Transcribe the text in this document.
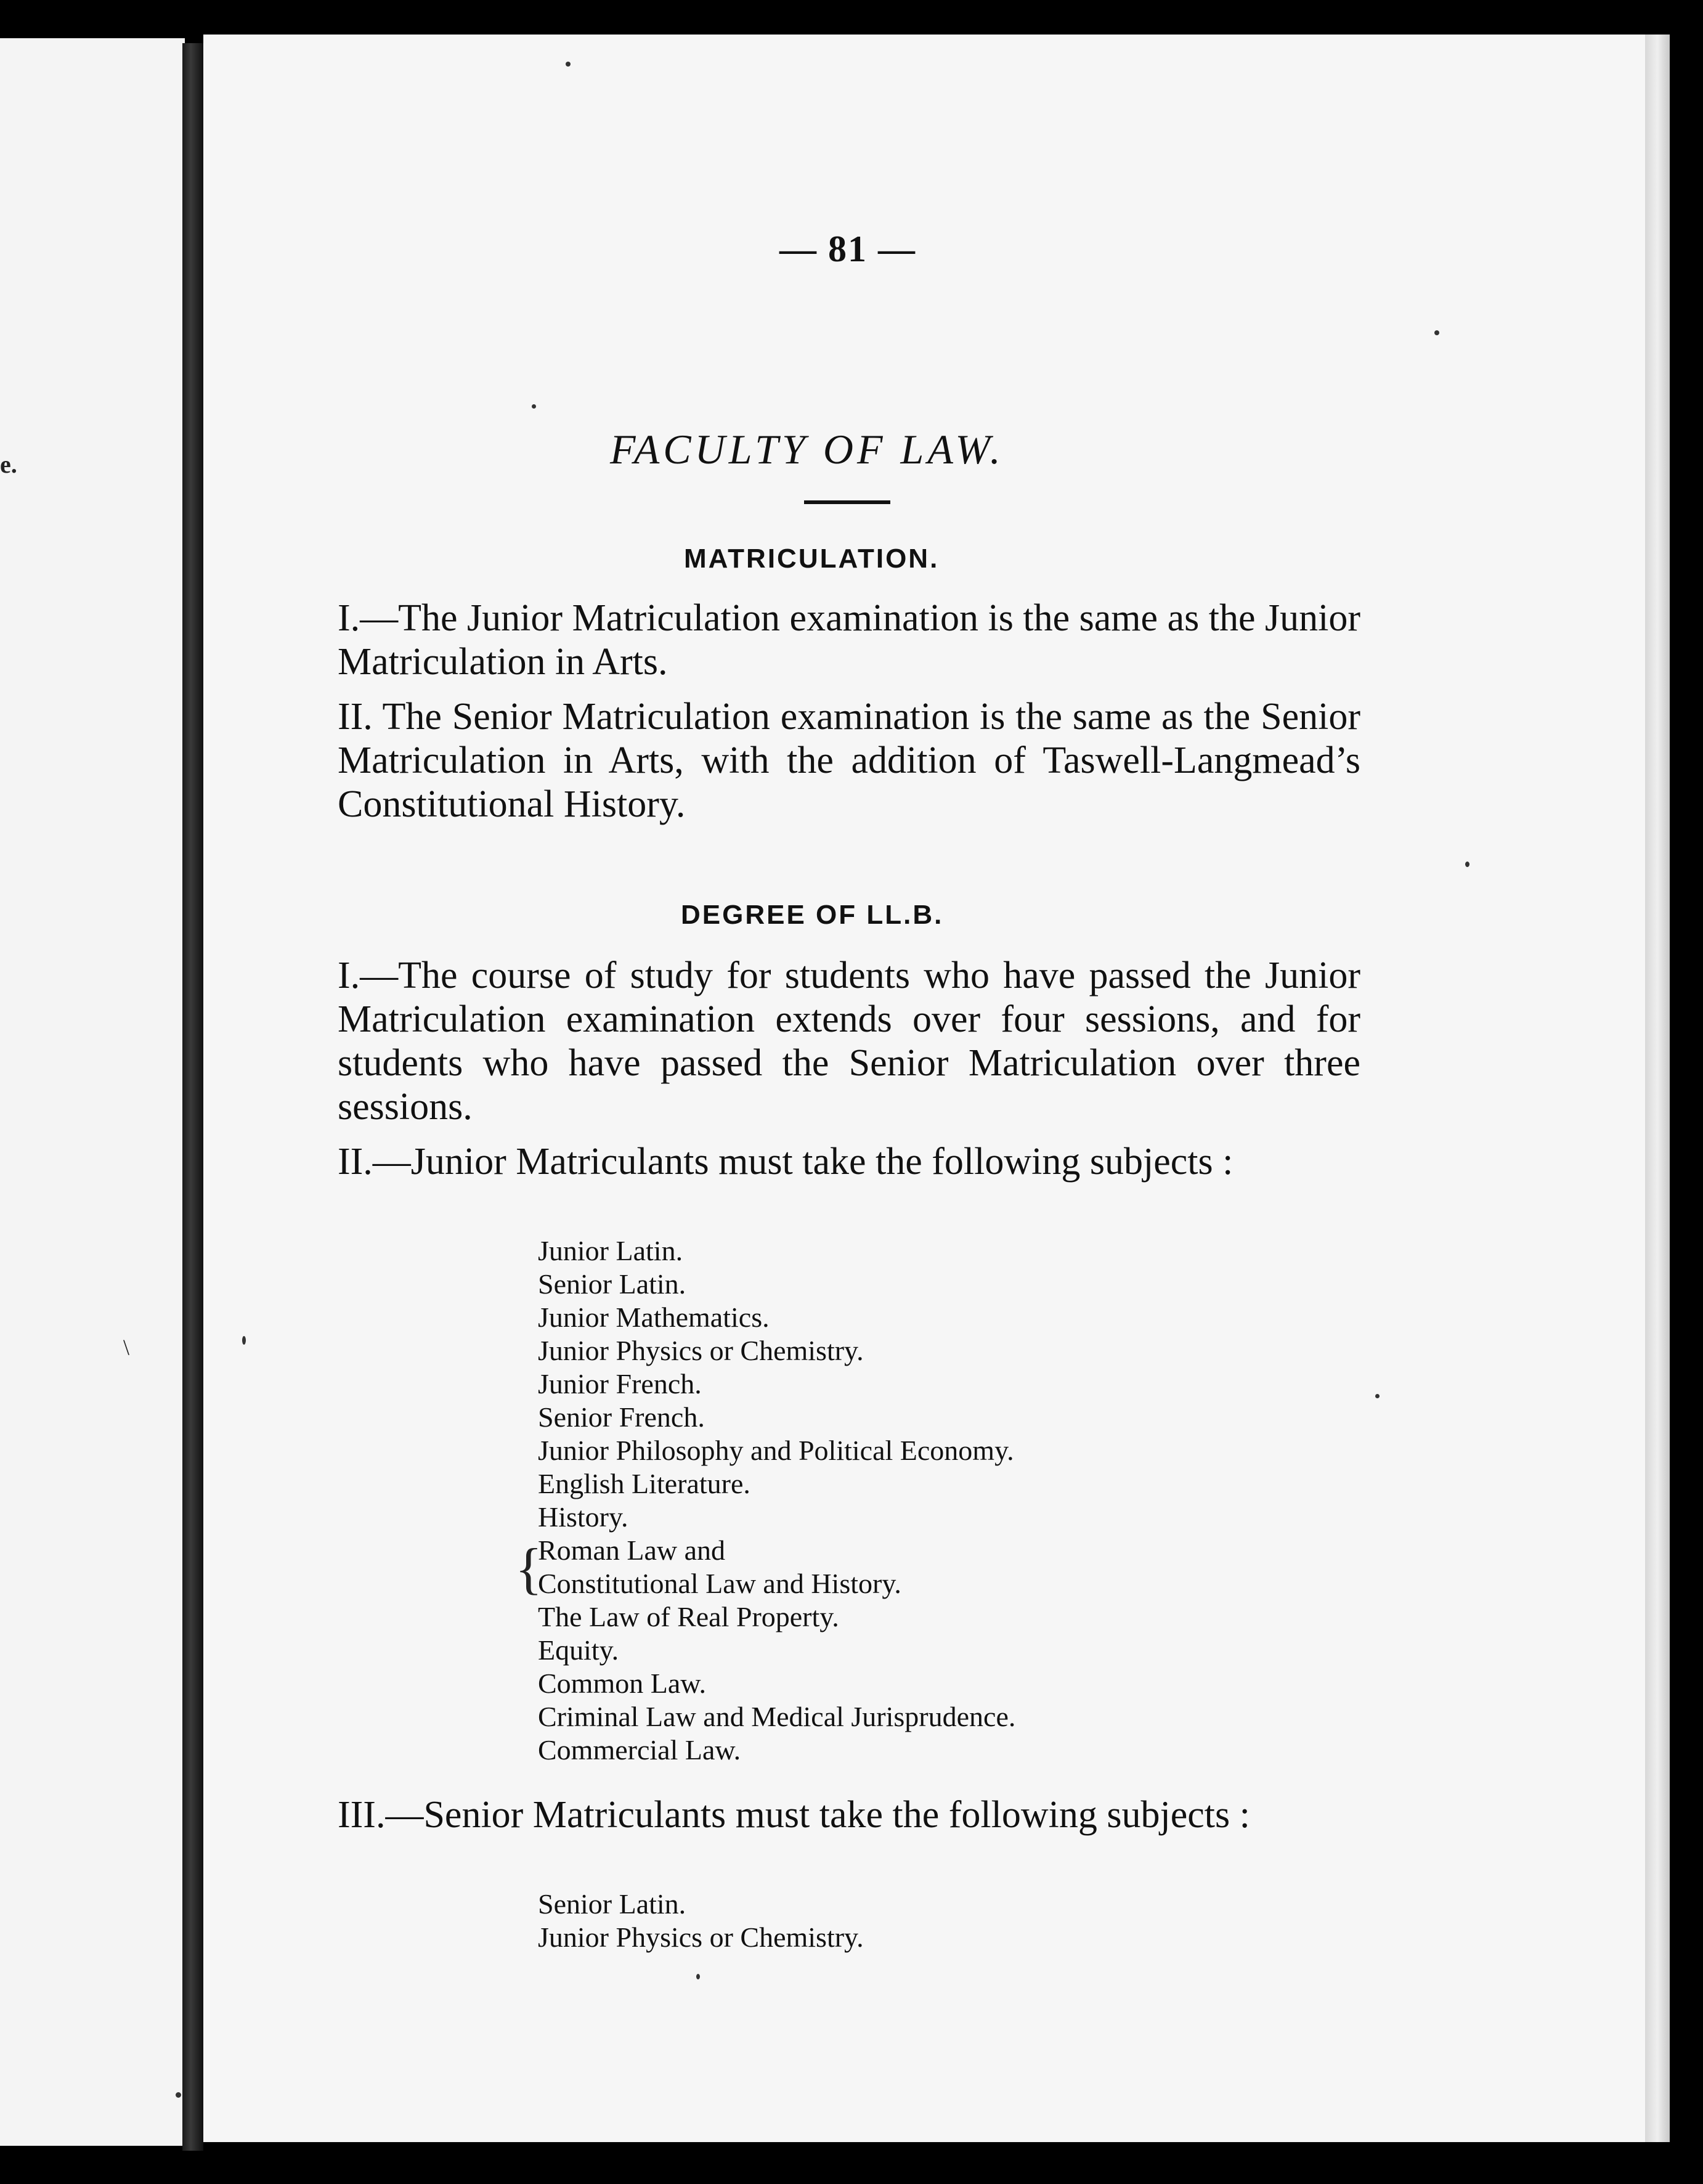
e.
\
— 81 —
FACULTY OF LAW.
MATRICULATION.
I.—The Junior Matriculation examination is the same as the Junior Matriculation in Arts.
II. The Senior Matriculation examination is the same as the Senior Matriculation in Arts, with the addition of Taswell-Langmead’s Constitutional History.
DEGREE OF LL.B.
I.—The course of study for students who have passed the Junior Matriculation examination extends over four sessions, and for students who have passed the Senior Matriculation over three sessions.
II.—Junior Matriculants must take the following subjects :
Junior Latin.
Senior Latin.
Junior Mathematics.
Junior Physics or Chemistry.
Junior French.
Senior French.
Junior Philosophy and Political Economy.
English Literature.
History.
Roman Law and
Constitutional Law and History.
The Law of Real Property.
Equity.
Common Law.
Criminal Law and Medical Jurisprudence.
Commercial Law.
{
III.—Senior Matriculants must take the following subjects :
Senior Latin.
Junior Physics or Chemistry.
